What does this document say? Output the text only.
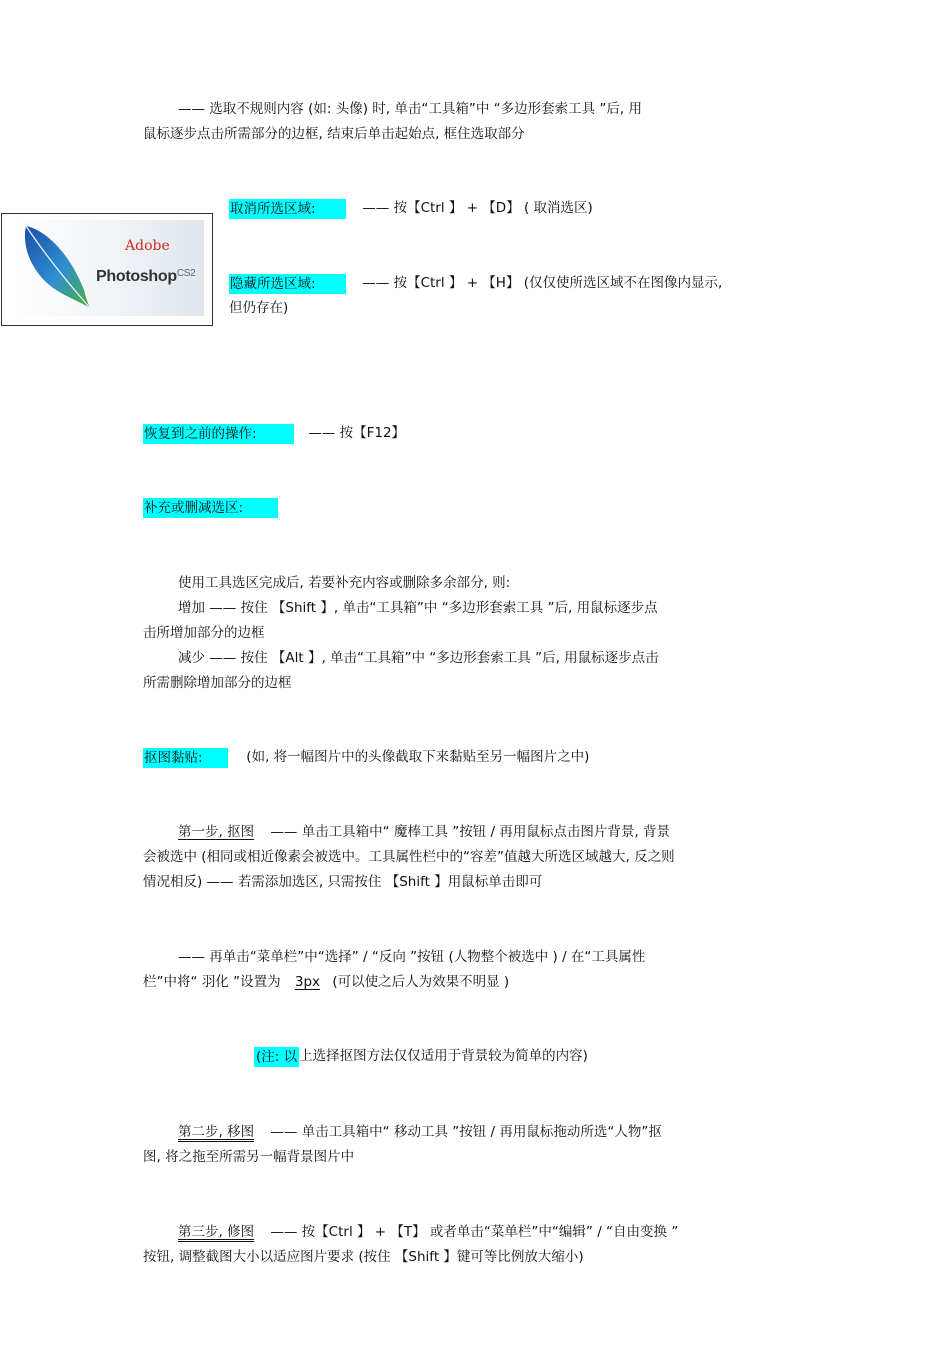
—— 选取不规则内容 (如: 头像) 时, 单击“工具箱”中 “多边形套索工具 ”后, 用
鼠标逐步点击所需部分的边框, 结束后单击起始点, 框住选取部分
Adobe
Photoshop$^{CS2}$
取消所选区域:	—— 按【Ctrl 】 + 【D】 ( 取消选区)
隐藏所选区域:	—— 按【Ctrl 】 + 【H】 (仅仅使所选区域不在图像内显示,
但仍存在)
恢复到之前的操作:	—— 按【F12】
补充或删减选区:
使用工具选区完成后, 若要补充内容或删除多余部分, 则:
增加 —— 按住 【Shift 】, 单击“工具箱”中 “多边形套索工具 ”后, 用鼠标逐步点
击所增加部分的边框
减少 —— 按住 【Alt 】, 单击“工具箱”中 “多边形套索工具 ”后, 用鼠标逐步点击
所需删除增加部分的边框
抠图黏贴:	(如, 将一幅图片中的头像截取下来黏贴至另一幅图片之中)
第一步, 抠图 —— 单击工具箱中“ 魔棒工具 ”按钮 / 再用鼠标点击图片背景, 背景
会被选中 (相同或相近像素会被选中。工具属性栏中的“容差”值越大所选区域越大, 反之则
情况相反) —— 若需添加选区, 只需按住 【Shift 】用鼠标单击即可
—— 再单击“菜单栏”中“选择” / “反向 ”按钮 (人物整个被选中 ) / 在“工具属性
栏”中将“ 羽化 ”设置为 3px (可以使之后人为效果不明显 )
(注: 以 上选择抠图方法仅仅适用于背景较为简单的内容)
第二步, 移图 —— 单击工具箱中“ 移动工具 ”按钮 / 再用鼠标拖动所选“人物”抠
图, 将之拖至所需另一幅背景图片中
第三步, 修图 —— 按【Ctrl 】 + 【T】 或者单击“菜单栏”中“编辑” / “自由变换 ”
按钮, 调整截图大小以适应图片要求 (按住 【Shift 】键可等比例放大缩小)
